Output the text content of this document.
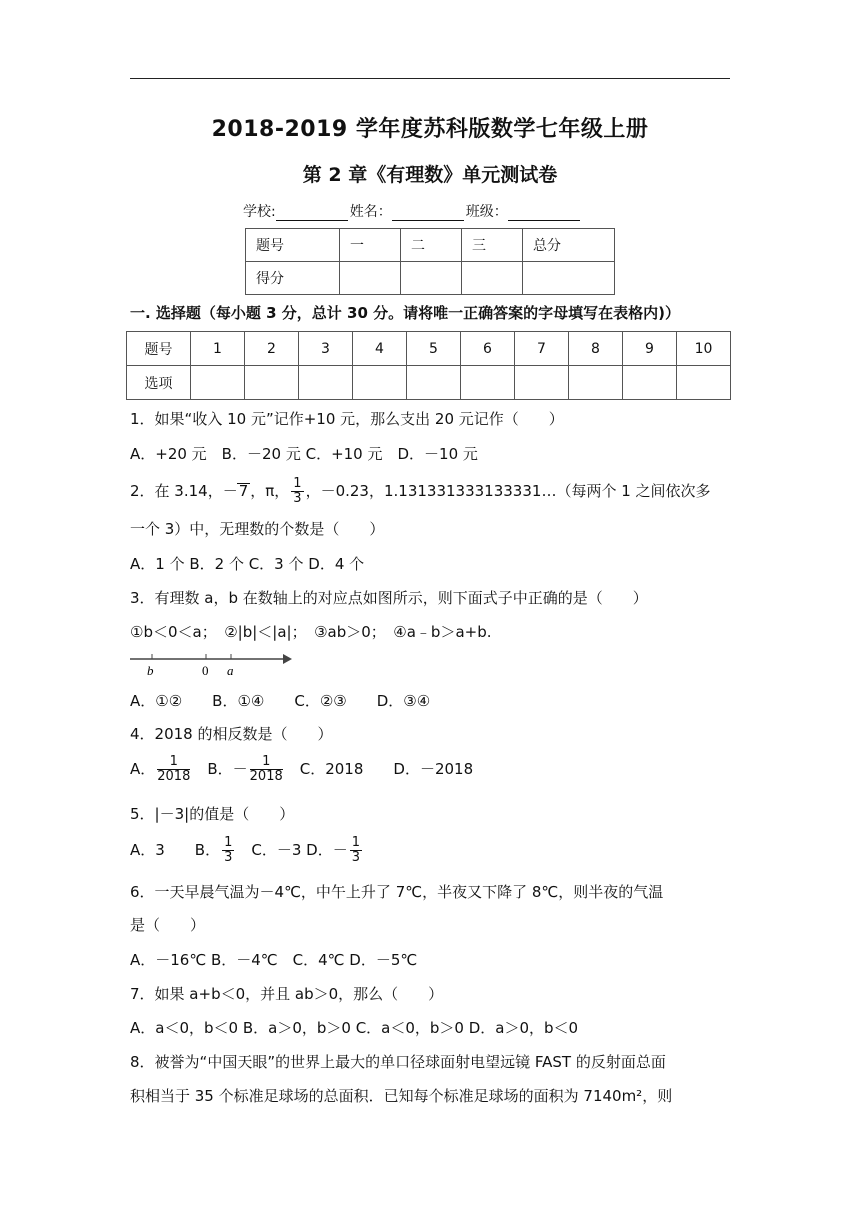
2018-2019 学年度苏科版数学七年级上册
第 2 章《有理数》单元测试卷
学校:	姓名：	班级：
题号	一	二	三	总分
得分				
一. 选择题（每小题 3 分，总计 30 分。请将唯一正确答案的字母填写在表格内)）
题号	1	2	3	4	5	6	7	8	9	10
选项										
1．如果“收入 10 元”记作+10 元，那么支出 20 元记作（　　）
A．+20 元　B．－20 元 C．+10 元　D．－10 元
2．在 3.14，－7 ，π， $\frac{1}{3}$ ，－0.23，1.131331333133331…（每两个 1 之间依次多
一个 3）中，无理数的个数是（　　）
A．1 个 B．2 个 C．3 个 D．4 个
3．有理数 a，b 在数轴上的对应点如图所示，则下面式子中正确的是（　　）
①b＜0＜a；　②|b|＜|a|；　③ab＞0；　④a﹣b＞a+b.
b	0 a
A．①②　　B．①④　　C．②③　　D．③④
4．2018 的相反数是（　　）
A． $\frac{1}{2018}$ 　B．－ $\frac{1}{2018}$ 　C．2018　　D．－2018
5．|－3|的值是（　　）
A．3　　B． $\frac{1}{3}$ 　C．－3 D．－ $\frac{1}{3}$
6．一天早晨气温为－4℃，中午上升了 7℃，半夜又下降了 8℃，则半夜的气温
是（　　）
A．－16℃ B．－4℃　C．4℃ D．－5℃
7．如果 a+b＜0，并且 ab＞0，那么（　　）
A．a＜0，b＜0 B．a＞0，b＞0 C．a＜0，b＞0 D．a＞0，b＜0
8．被誉为“中国天眼”的世界上最大的单口径球面射电望远镜 FAST 的反射面总面
积相当于 35 个标准足球场的总面积．已知每个标准足球场的面积为 7140m²，则
